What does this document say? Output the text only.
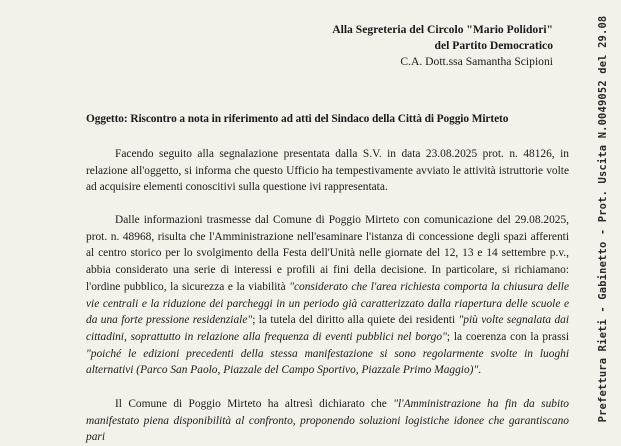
Alla Segreteria del Circolo "Mario Polidori"
del Partito Democratico
C.A. Dott.ssa Samantha Scipioni
Oggetto: Riscontro a nota in riferimento ad atti del Sindaco della Città di Poggio Mirteto

Facendo seguito alla segnalazione presentata dalla S.V. in data 23.08.2025 prot. n. 48126, in relazione all'oggetto, si informa che questo Ufficio ha tempestivamente avviato le attività istruttorie volte ad acquisire elementi conoscitivi sulla questione ivi rappresentata.

Dalle informazioni trasmesse dal Comune di Poggio Mirteto con comunicazione del 29.08.2025, prot. n. 48968, risulta che l'Amministrazione nell'esaminare l'istanza di concessione degli spazi afferenti al centro storico per lo svolgimento della Festa dell'Unità nelle giornate del 12, 13 e 14 settembre p.v., abbia considerato una serie di interessi e profili ai fini della decisione. In particolare, si richiamano: l'ordine pubblico, la sicurezza e la viabilità "considerato che l'area richiesta comporta la chiusura delle vie centrali e la riduzione dei parcheggi in un periodo già caratterizzato dalla riapertura delle scuole e da una forte pressione residenziale"; la tutela del diritto alla quiete dei residenti "più volte segnalata dai cittadini, soprattutto in relazione alla frequenza di eventi pubblici nel borgo"; la coerenza con la prassi "poiché le edizioni precedenti della stessa manifestazione si sono regolarmente svolte in luoghi alternativi (Parco San Paolo, Piazzale del Campo Sportivo, Piazzale Primo Maggio)".

Il Comune di Poggio Mirteto ha altresì dichiarato che "l'Amministrazione ha fin da subito manifestato piena disponibilità al confronto, proponendo soluzioni logistiche idonee che garantiscano pari

Prefettura Rieti - Gabinetto - Prot. Uscita N.0049052 del 29.08
